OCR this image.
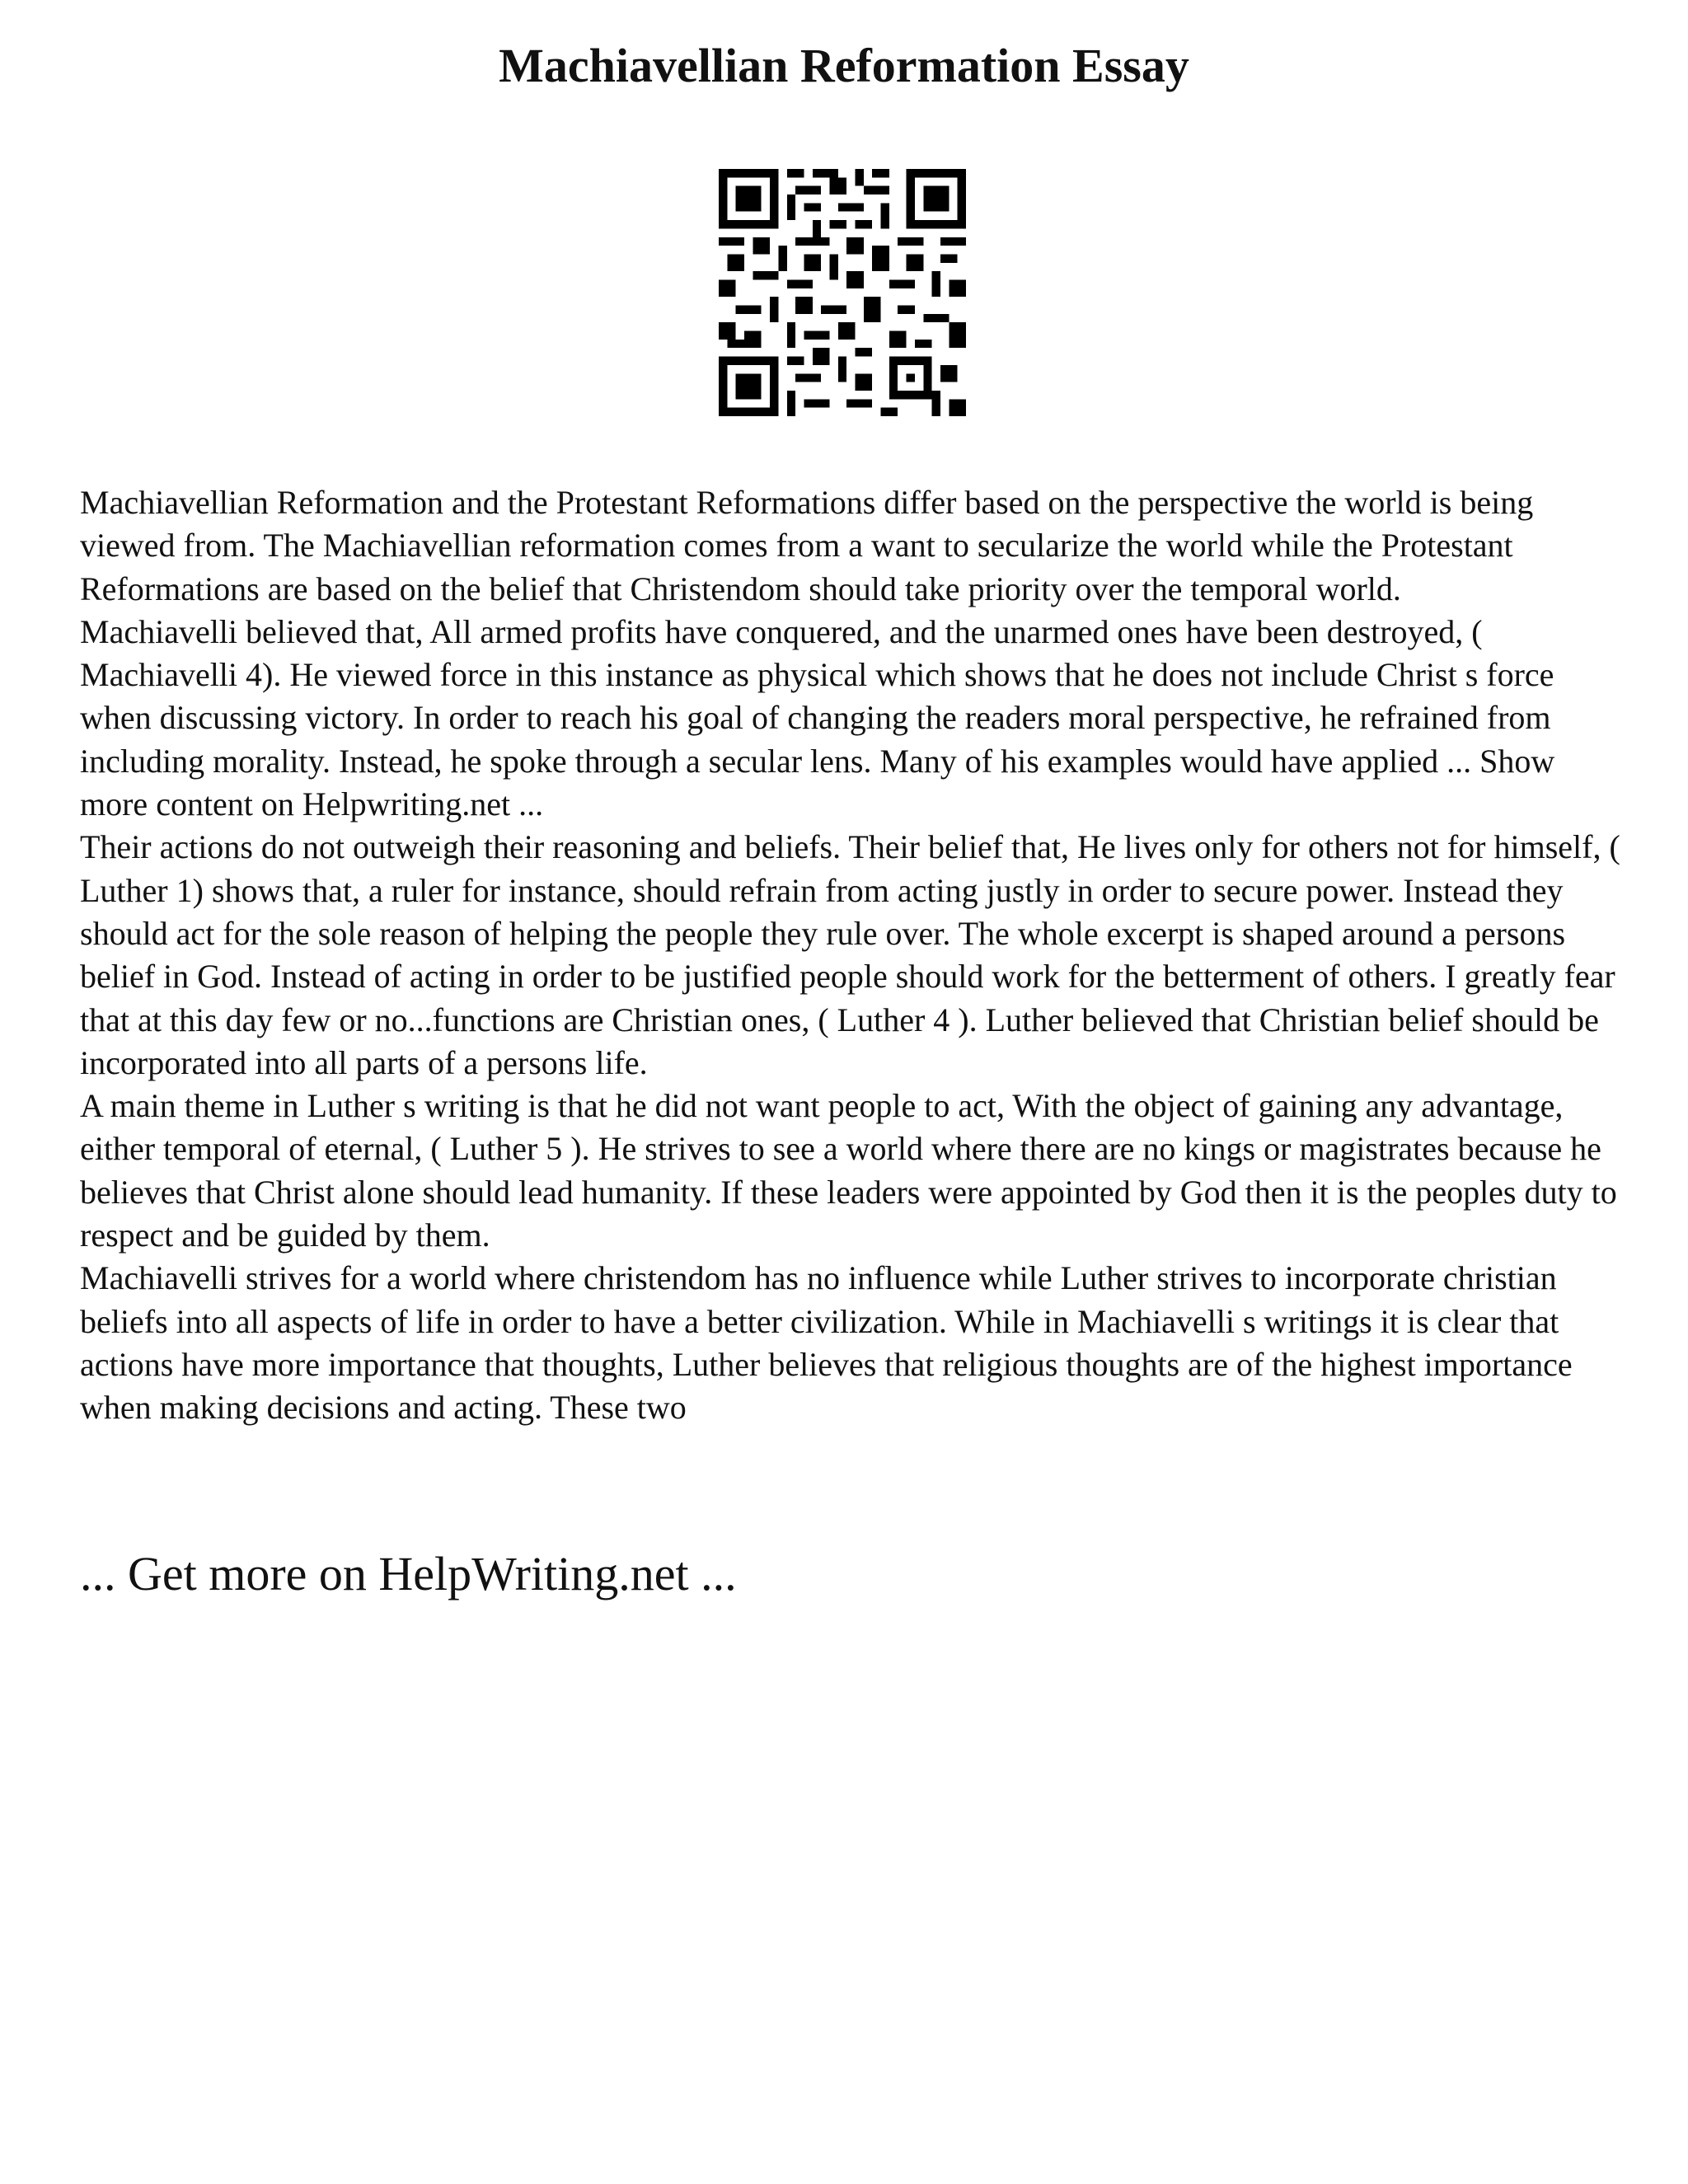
Machiavellian Reformation Essay

Machiavellian Reformation and the Protestant Reformations differ based on the perspective the world is being viewed from. The Machiavellian reformation comes from a want to secularize the world while the Protestant Reformations are based on the belief that Christendom should take priority over the temporal world.

Machiavelli believed that, All armed profits have conquered, and the unarmed ones have been destroyed, ( Machiavelli 4). He viewed force in this instance as physical which shows that he does not include Christ s force when discussing victory. In order to reach his goal of changing the readers moral perspective, he refrained from including morality. Instead, he spoke through a secular lens. Many of his examples would have applied ... Show more content on Helpwriting.net ...

Their actions do not outweigh their reasoning and beliefs. Their belief that, He lives only for others not for himself, ( Luther 1) shows that, a ruler for instance, should refrain from acting justly in order to secure power. Instead they should act for the sole reason of helping the people they rule over. The whole excerpt is shaped around a persons belief in God. Instead of acting in order to be justified people should work for the betterment of others. I greatly fear that at this day few or no...functions are Christian ones, ( Luther 4 ). Luther believed that Christian belief should be incorporated into all parts of a persons life.

A main theme in Luther s writing is that he did not want people to act, With the object of gaining any advantage, either temporal of eternal, ( Luther 5 ). He strives to see a world where there are no kings or magistrates because he believes that Christ alone should lead humanity. If these leaders were appointed by God then it is the peoples duty to respect and be guided by them.

Machiavelli strives for a world where christendom has no influence while Luther strives to incorporate christian beliefs into all aspects of life in order to have a better civilization. While in Machiavelli s writings it is clear that actions have more importance that thoughts, Luther believes that religious thoughts are of the highest importance when making decisions and acting. These two

... Get more on HelpWriting.net ...
